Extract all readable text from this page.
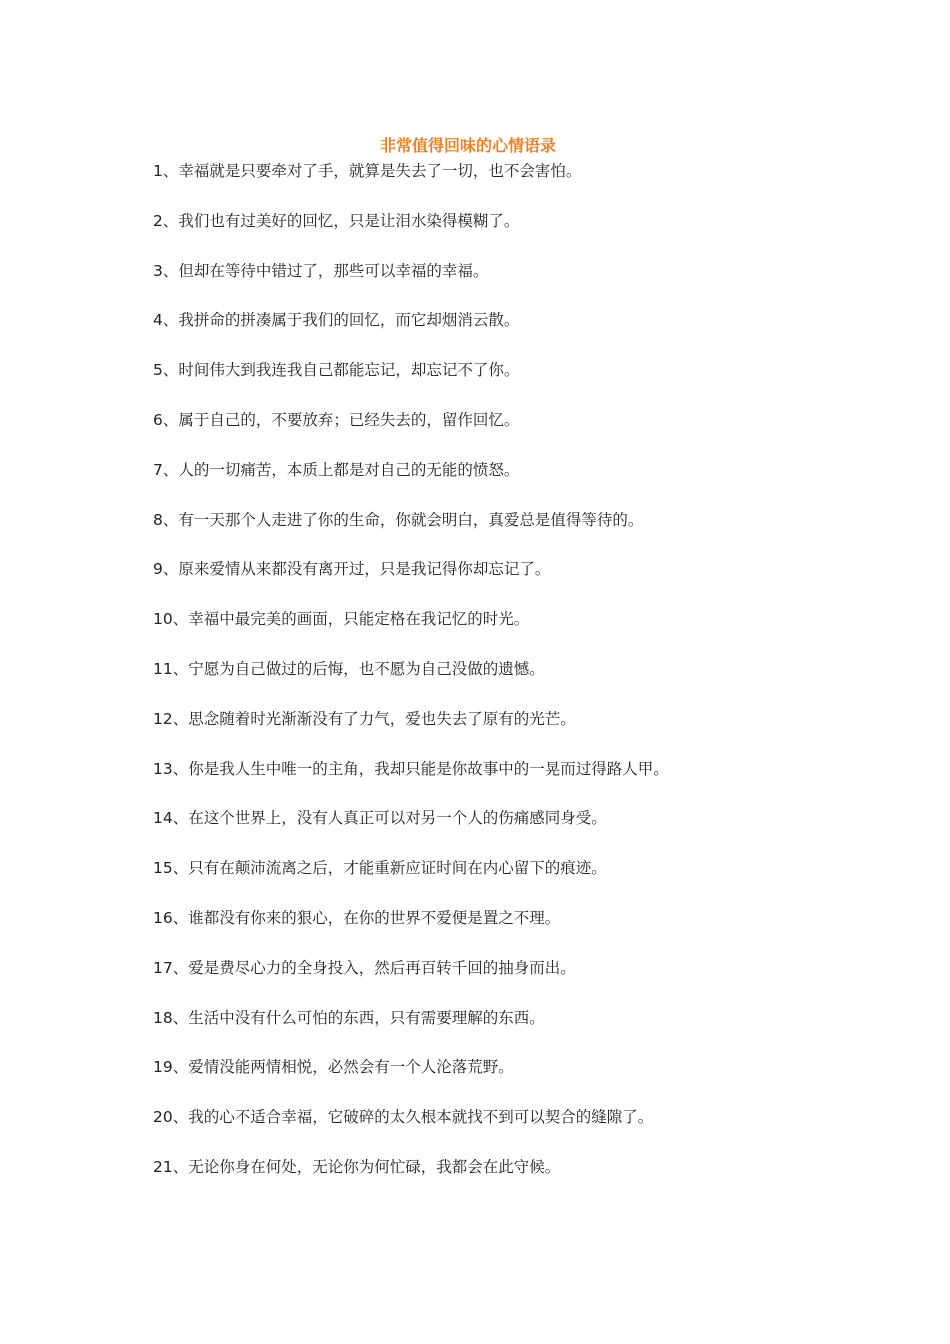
非常值得回味的心情语录
1、幸福就是只要牵对了手，就算是失去了一切，也不会害怕。
2、我们也有过美好的回忆，只是让泪水染得模糊了。
3、但却在等待中错过了，那些可以幸福的幸福。
4、我拼命的拼凑属于我们的回忆，而它却烟消云散。
5、时间伟大到我连我自己都能忘记，却忘记不了你。
6、属于自己的，不要放弃；已经失去的，留作回忆。
7、人的一切痛苦，本质上都是对自己的无能的愤怒。
8、有一天那个人走进了你的生命，你就会明白，真爱总是值得等待的。
9、原来爱情从来都没有离开过，只是我记得你却忘记了。
10、幸福中最完美的画面，只能定格在我记忆的时光。
11、宁愿为自己做过的后悔，也不愿为自己没做的遗憾。
12、思念随着时光渐渐没有了力气，爱也失去了原有的光芒。
13、你是我人生中唯一的主角，我却只能是你故事中的一晃而过得路人甲。
14、在这个世界上，没有人真正可以对另一个人的伤痛感同身受。
15、只有在颠沛流离之后，才能重新应证时间在内心留下的痕迹。
16、谁都没有你来的狠心，在你的世界不爱便是置之不理。
17、爱是费尽心力的全身投入，然后再百转千回的抽身而出。
18、生活中没有什么可怕的东西，只有需要理解的东西。
19、爱情没能两情相悦，必然会有一个人沦落荒野。
20、我的心不适合幸福，它破碎的太久根本就找不到可以契合的缝隙了。
21、无论你身在何处，无论你为何忙碌，我都会在此守候。
